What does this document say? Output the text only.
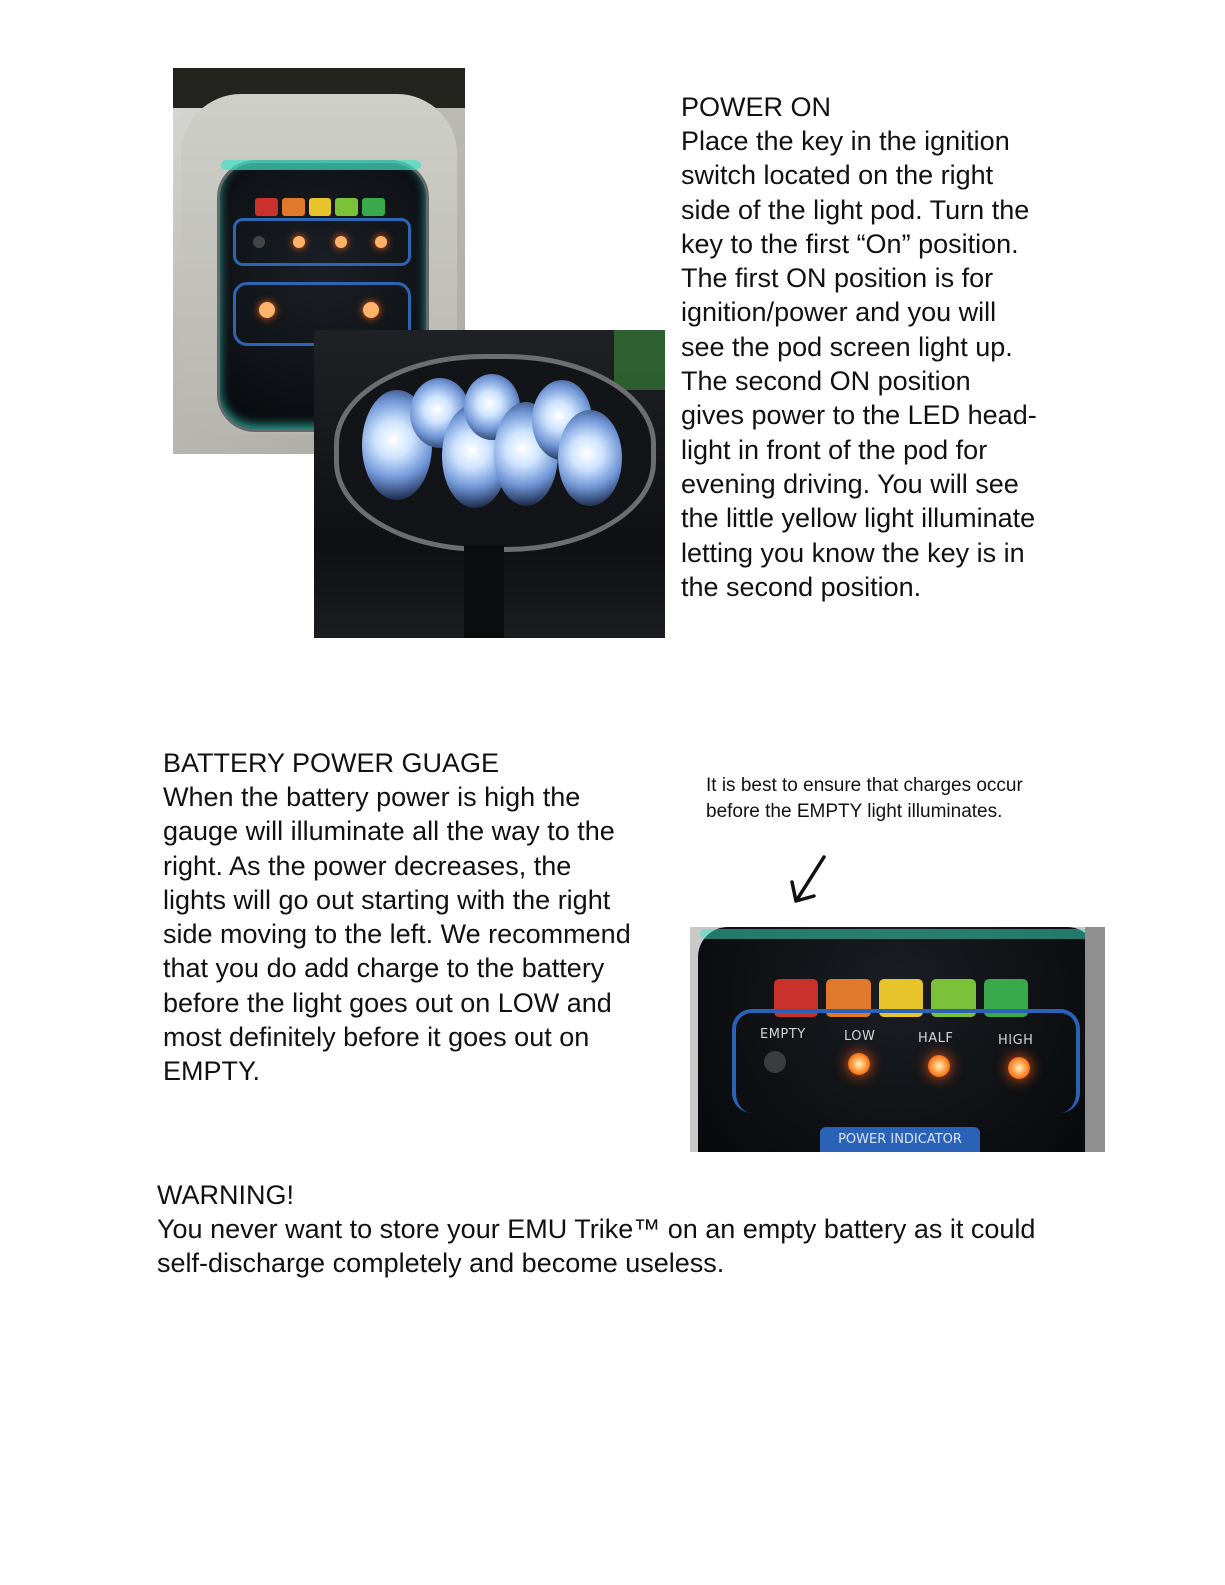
POWER ON
Place the key in the ignition
switch located on the right
side of the light pod. Turn the
key to the first “On” position.
The first ON position is for
ignition/power and you will
see the pod screen light up.
The second ON position
gives power to the LED head-
light in front of the pod for
evening driving. You will see
the little yellow light illuminate
letting you know the key is in
the second position.
BATTERY POWER GUAGE
When the battery power is high the
gauge will illuminate all the way to the
right. As the power decreases, the
lights will go out starting with the right
side moving to the left. We recommend
that you do add charge to the battery
before the light goes out on LOW and
most definitely before it goes out on
EMPTY.
It is best to ensure that charges occur
before the EMPTY light illuminates.
EMPTY	LOW	HALF	HIGH
POWER INDICATOR
WARNING!
You never want to store your EMU Trike™ on an empty battery as it could
self-discharge completely and become useless.
